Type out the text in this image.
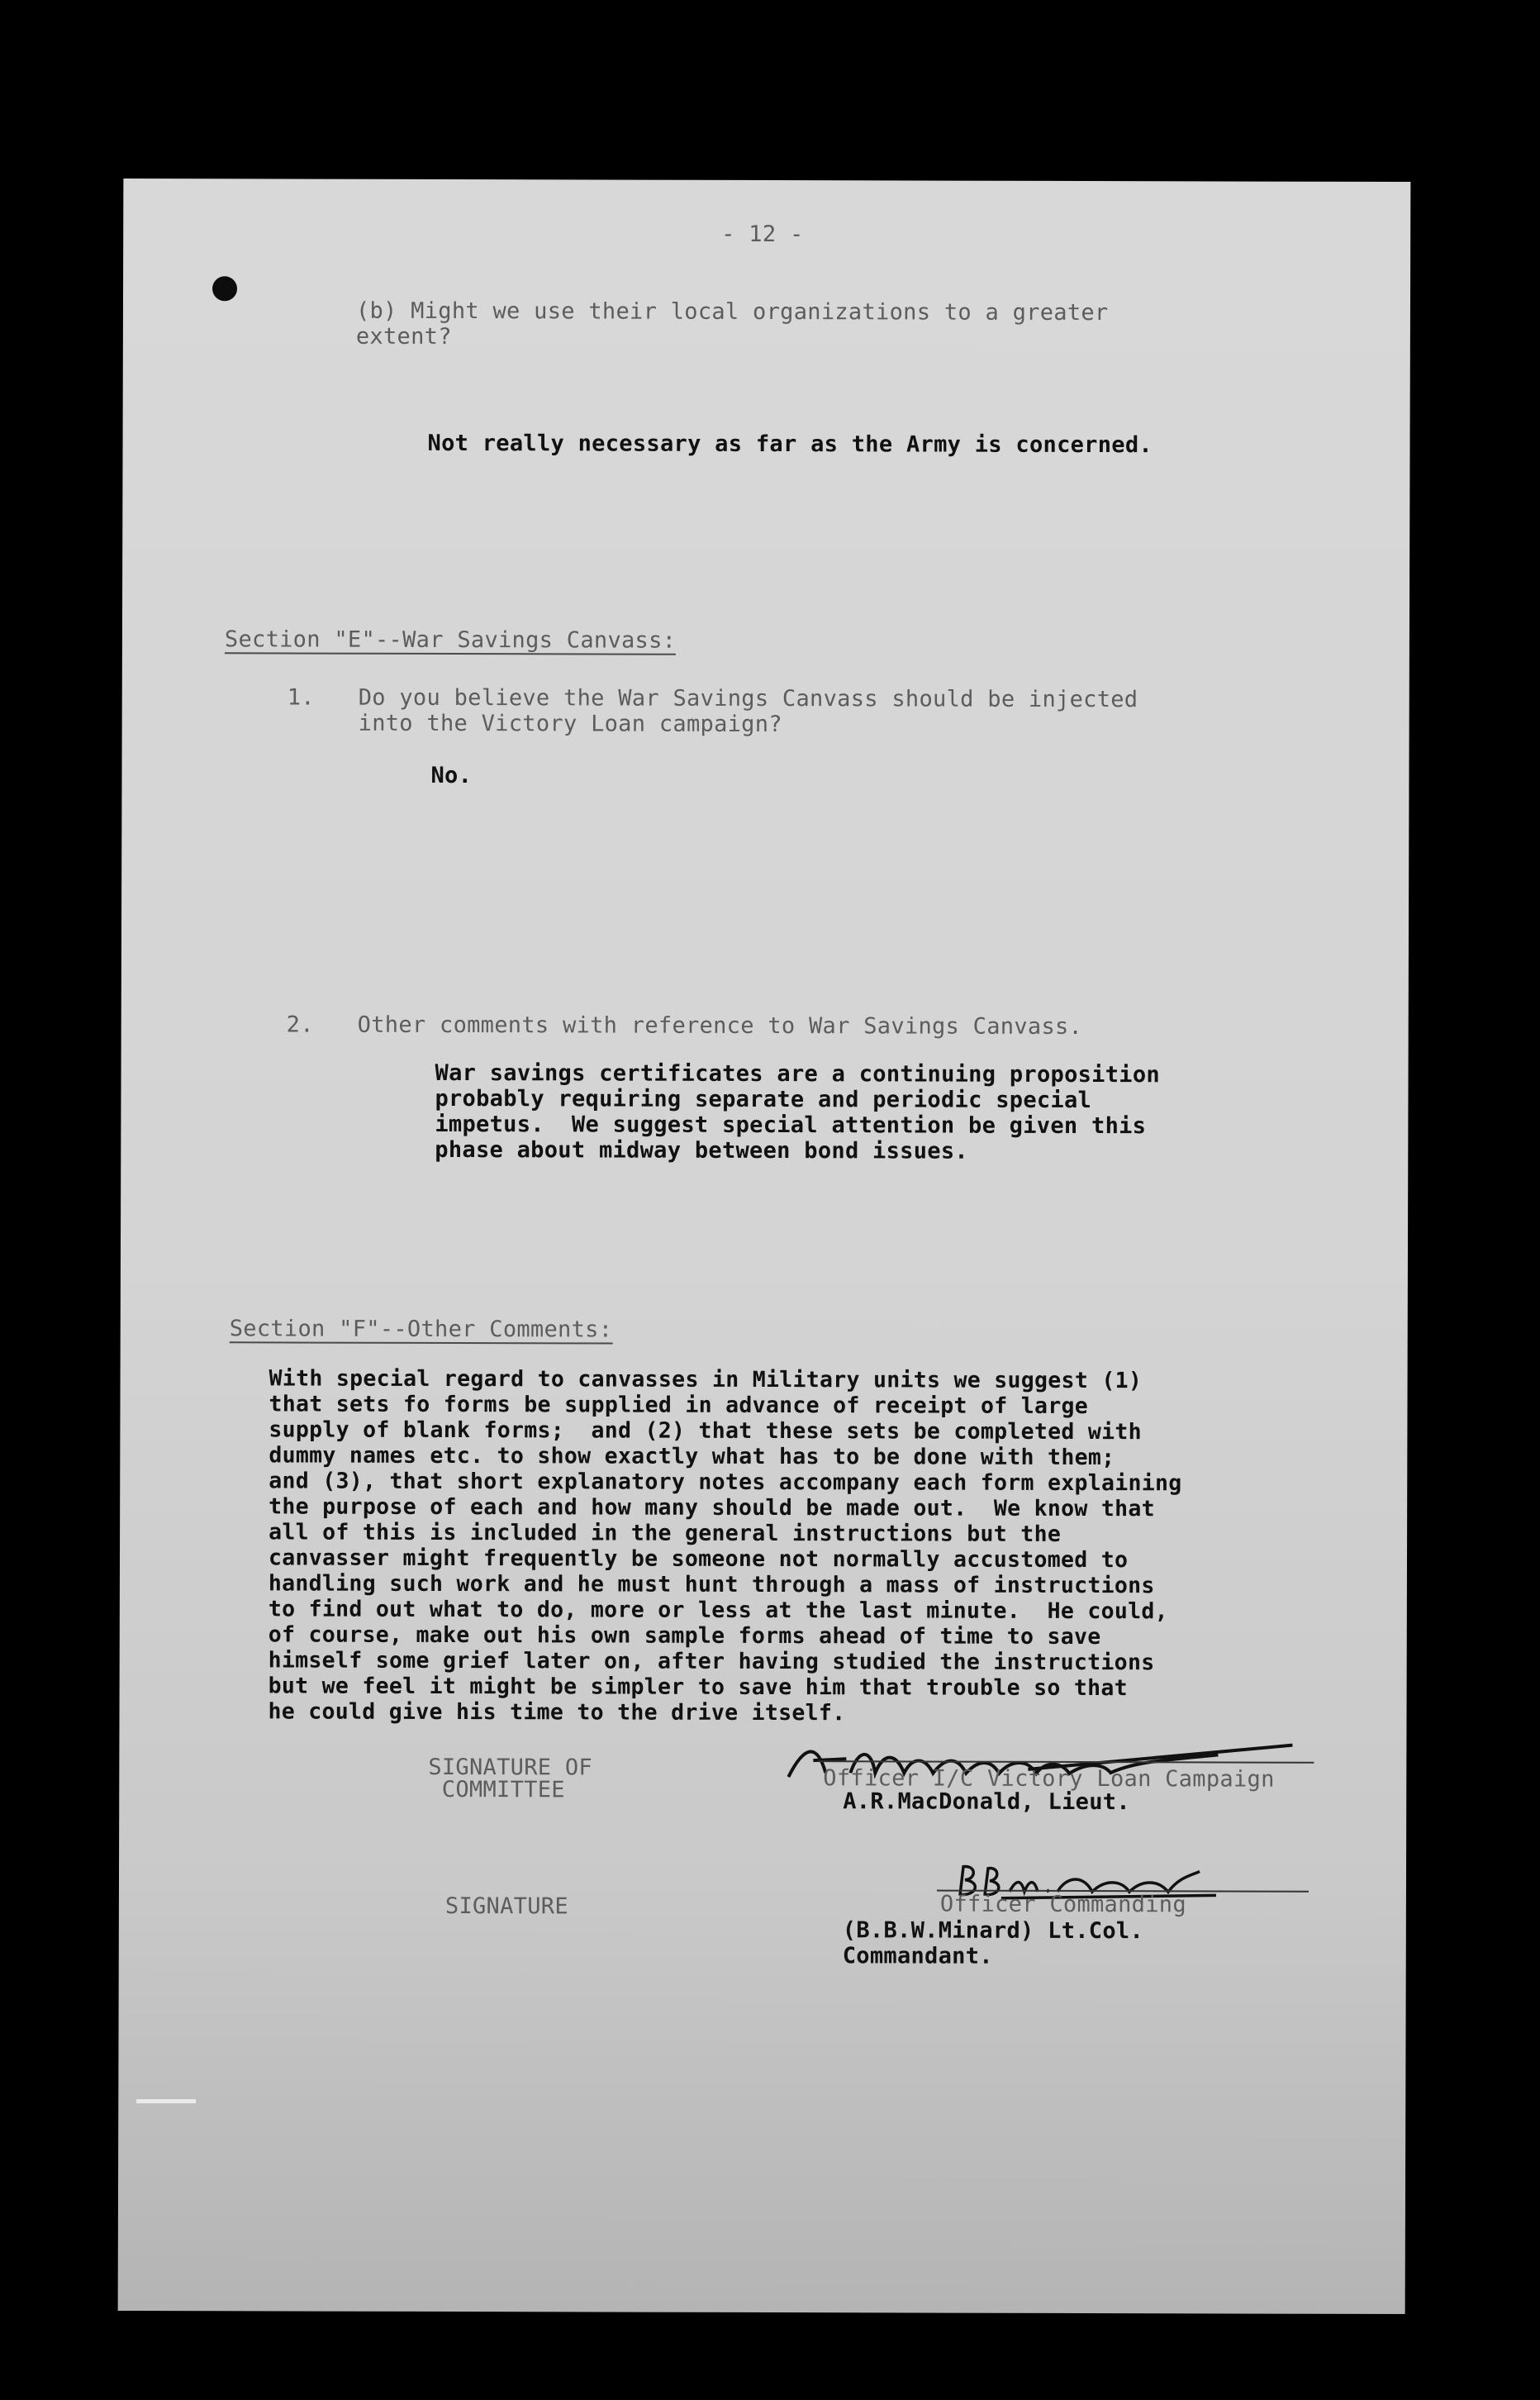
- 12 -
(b) Might we use their local organizations to a greater
extent?
Not really necessary as far as the Army is concerned.
Section "E"--War Savings Canvass:
1. Do you believe the War Savings Canvass should be injected
into the Victory Loan campaign?
No.
2. Other comments with reference to War Savings Canvass.
War savings certificates are a continuing proposition
probably requiring separate and periodic special
impetus.  We suggest special attention be given this
phase about midway between bond issues.
Section "F"--Other Comments:
With special regard to canvasses in Military units we suggest (1)
that sets fo forms be supplied in advance of receipt of large
supply of blank forms;  and (2) that these sets be completed with
dummy names etc. to show exactly what has to be done with them;
and (3), that short explanatory notes accompany each form explaining
the purpose of each and how many should be made out.  We know that
all of this is included in the general instructions but the
canvasser might frequently be someone not normally accustomed to
handling such work and he must hunt through a mass of instructions
to find out what to do, more or less at the last minute.  He could,
of course, make out his own sample forms ahead of time to save
himself some grief later on, after having studied the instructions
but we feel it might be simpler to save him that trouble so that
he could give his time to the drive itself.
SIGNATURE OF
COMMITTEE	Officer I/C Victory Loan Campaign
A.R.MacDonald, Lieut.
SIGNATURE	Officer Commanding
(B.B.W.Minard) Lt.Col.
Commandant.
